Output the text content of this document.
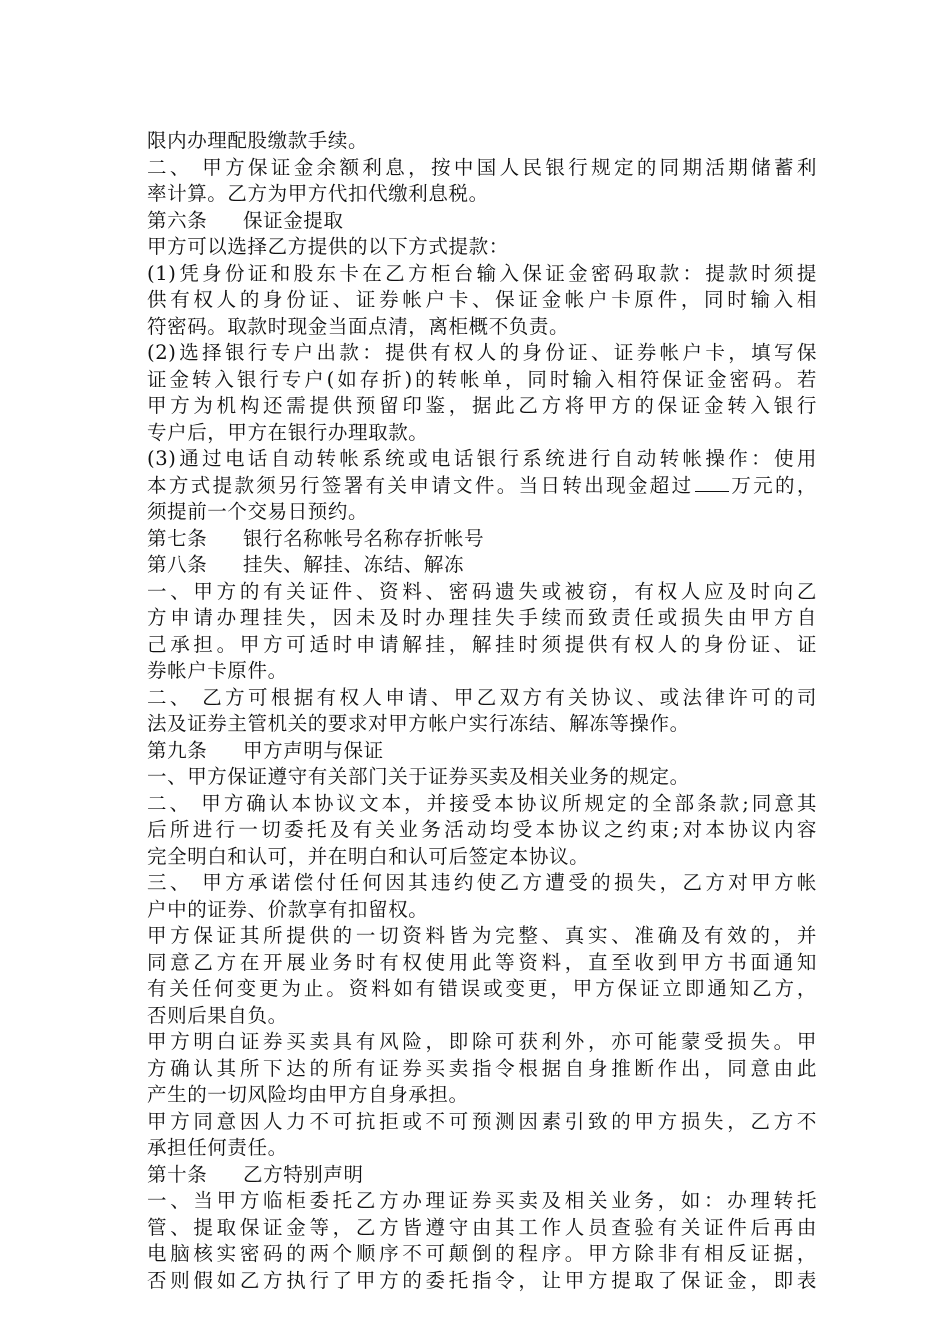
限内办理配股缴款手续。
二、 甲方保证金余额利息，按中国人民银行规定的同期活期储蓄利
率计算。乙方为甲方代扣代缴利息税。
第六条 保证金提取
甲方可以选择乙方提供的以下方式提款：
(1)凭身份证和股东卡在乙方柜台输入保证金密码取款：提款时须提
供有权人的身份证、证券帐户卡、保证金帐户卡原件，同时输入相
符密码。取款时现金当面点清，离柜概不负责。
(2)选择银行专户出款：提供有权人的身份证、证券帐户卡，填写保
证金转入银行专户(如存折)的转帐单，同时输入相符保证金密码。若
甲方为机构还需提供预留印鉴，据此乙方将甲方的保证金转入银行
专户后，甲方在银行办理取款。
(3)通过电话自动转帐系统或电话银行系统进行自动转帐操作：使用
本方式提款须另行签署有关申请文件。当日转出现金超过 万元的，
须提前一个交易日预约。
第七条 银行名称帐号名称存折帐号
第八条 挂失、解挂、冻结、解冻
一、甲方的有关证件、资料、密码遗失或被窃，有权人应及时向乙
方申请办理挂失，因未及时办理挂失手续而致责任或损失由甲方自
己承担。甲方可适时申请解挂，解挂时须提供有权人的身份证、证
券帐户卡原件。
二、 乙方可根据有权人申请、甲乙双方有关协议、或法律许可的司
法及证券主管机关的要求对甲方帐户实行冻结、解冻等操作。
第九条 甲方声明与保证
一、甲方保证遵守有关部门关于证券买卖及相关业务的规定。
二、 甲方确认本协议文本，并接受本协议所规定的全部条款;同意其
后所进行一切委托及有关业务活动均受本协议之约束;对本协议内容
完全明白和认可，并在明白和认可后签定本协议。
三、 甲方承诺偿付任何因其违约使乙方遭受的损失，乙方对甲方帐
户中的证券、价款享有扣留权。
甲方保证其所提供的一切资料皆为完整、真实、准确及有效的，并
同意乙方在开展业务时有权使用此等资料，直至收到甲方书面通知
有关任何变更为止。资料如有错误或变更，甲方保证立即通知乙方，
否则后果自负。
甲方明白证券买卖具有风险，即除可获利外，亦可能蒙受损失。甲
方确认其所下达的所有证券买卖指令根据自身推断作出，同意由此
产生的一切风险均由甲方自身承担。
甲方同意因人力不可抗拒或不可预测因素引致的甲方损失，乙方不
承担任何责任。
第十条 乙方特别声明
一、当甲方临柜委托乙方办理证券买卖及相关业务，如：办理转托
管、提取保证金等，乙方皆遵守由其工作人员查验有关证件后再由
电脑核实密码的两个顺序不可颠倒的程序。甲方除非有相反证据，
否则假如乙方执行了甲方的委托指令，让甲方提取了保证金，即表
